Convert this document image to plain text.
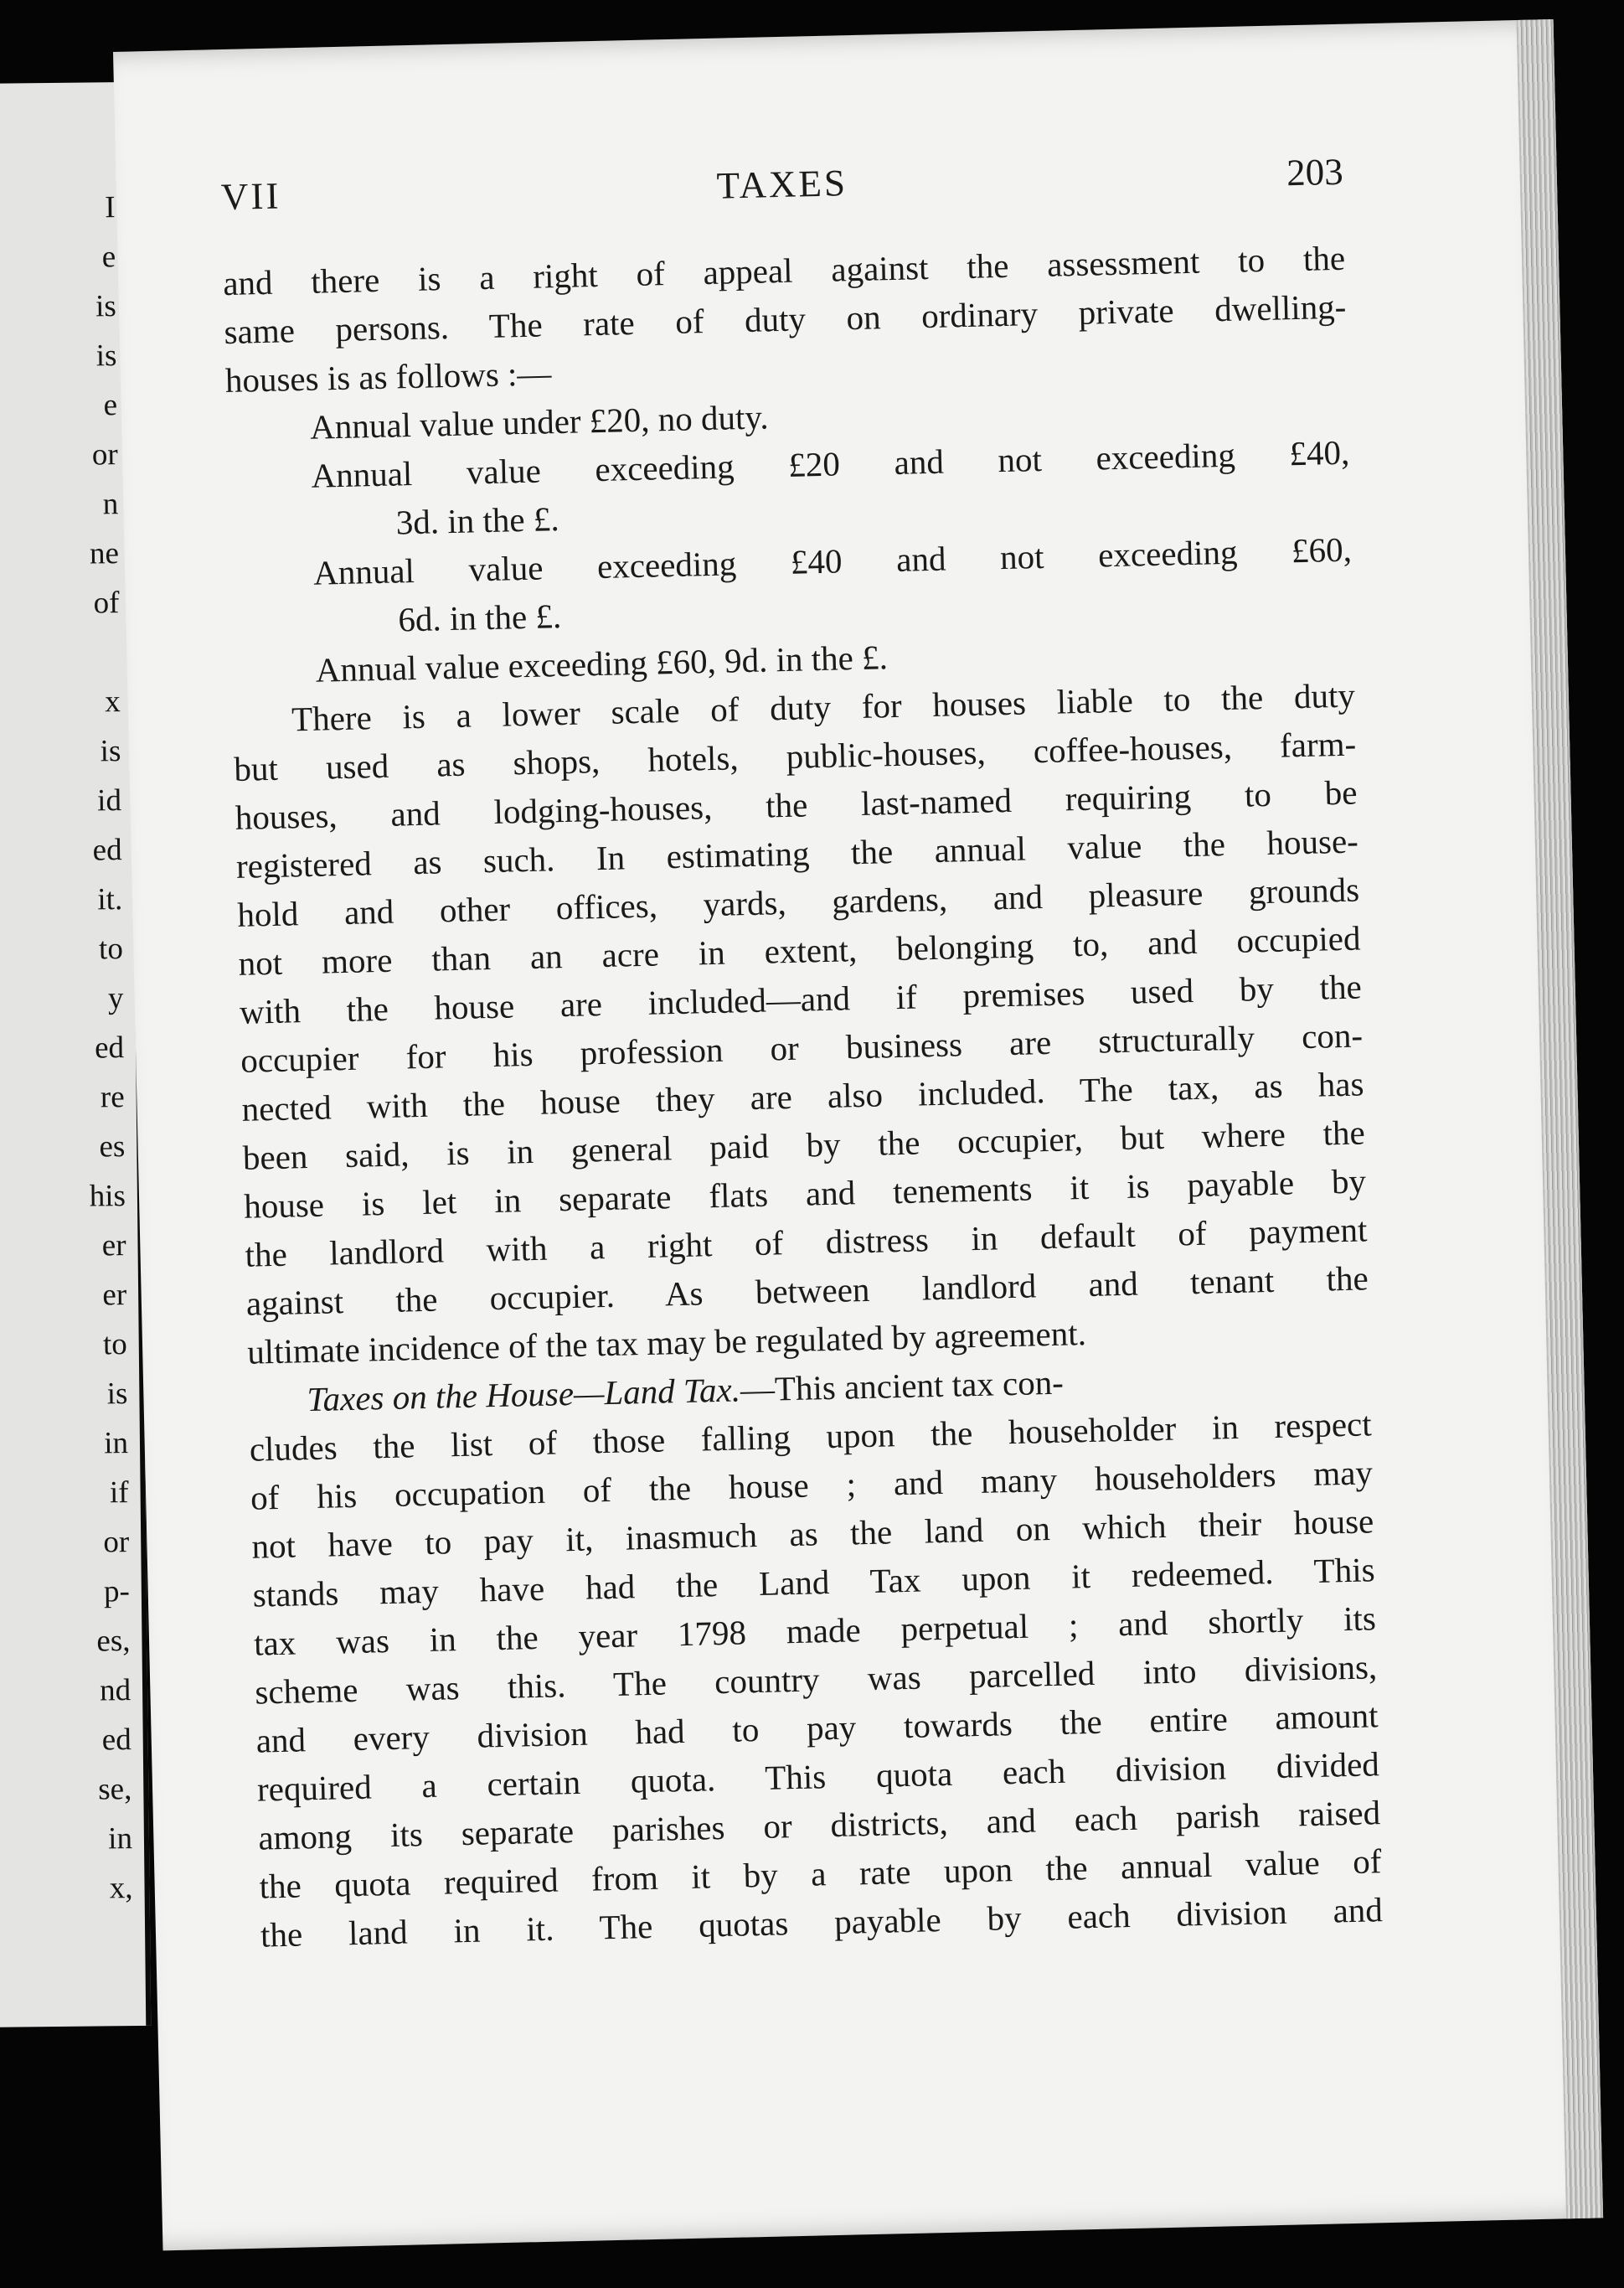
I
e
is
is
e
or
n
ne
of
x
is
id
ed
it.
to
y
ed
re
es
his
er
er
to
is
in
if
or
p-
es,
nd
ed
se,
in
x,
VII	TAXES	203
and there is a right of appeal against the assessment to the
same persons. The rate of duty on ordinary private dwelling-
houses is as follows :—
Annual value under £20, no duty.
Annual value exceeding £20 and not exceeding £40,
3d. in the £.
Annual value exceeding £40 and not exceeding £60,
6d. in the £.
Annual value exceeding £60, 9d. in the £.
There is a lower scale of duty for houses liable to the duty
but used as shops, hotels, public-houses, coffee-houses, farm-
houses, and lodging-houses, the last-named requiring to be
registered as such. In estimating the annual value the house-
hold and other offices, yards, gardens, and pleasure grounds
not more than an acre in extent, belonging to, and occupied
with the house are included—and if premises used by the
occupier for his profession or business are structurally con-
nected with the house they are also included. The tax, as has
been said, is in general paid by the occupier, but where the
house is let in separate flats and tenements it is payable by
the landlord with a right of distress in default of payment
against the occupier. As between landlord and tenant the
ultimate incidence of the tax may be regulated by agreement.
Taxes on the House—Land Tax.—This ancient tax con-
cludes the list of those falling upon the householder in respect
of his occupation of the house ; and many householders may
not have to pay it, inasmuch as the land on which their house
stands may have had the Land Tax upon it redeemed. This
tax was in the year 1798 made perpetual ; and shortly its
scheme was this. The country was parcelled into divisions,
and every division had to pay towards the entire amount
required a certain quota. This quota each division divided
among its separate parishes or districts, and each parish raised
the quota required from it by a rate upon the annual value of
the land in it. The quotas payable by each division and
